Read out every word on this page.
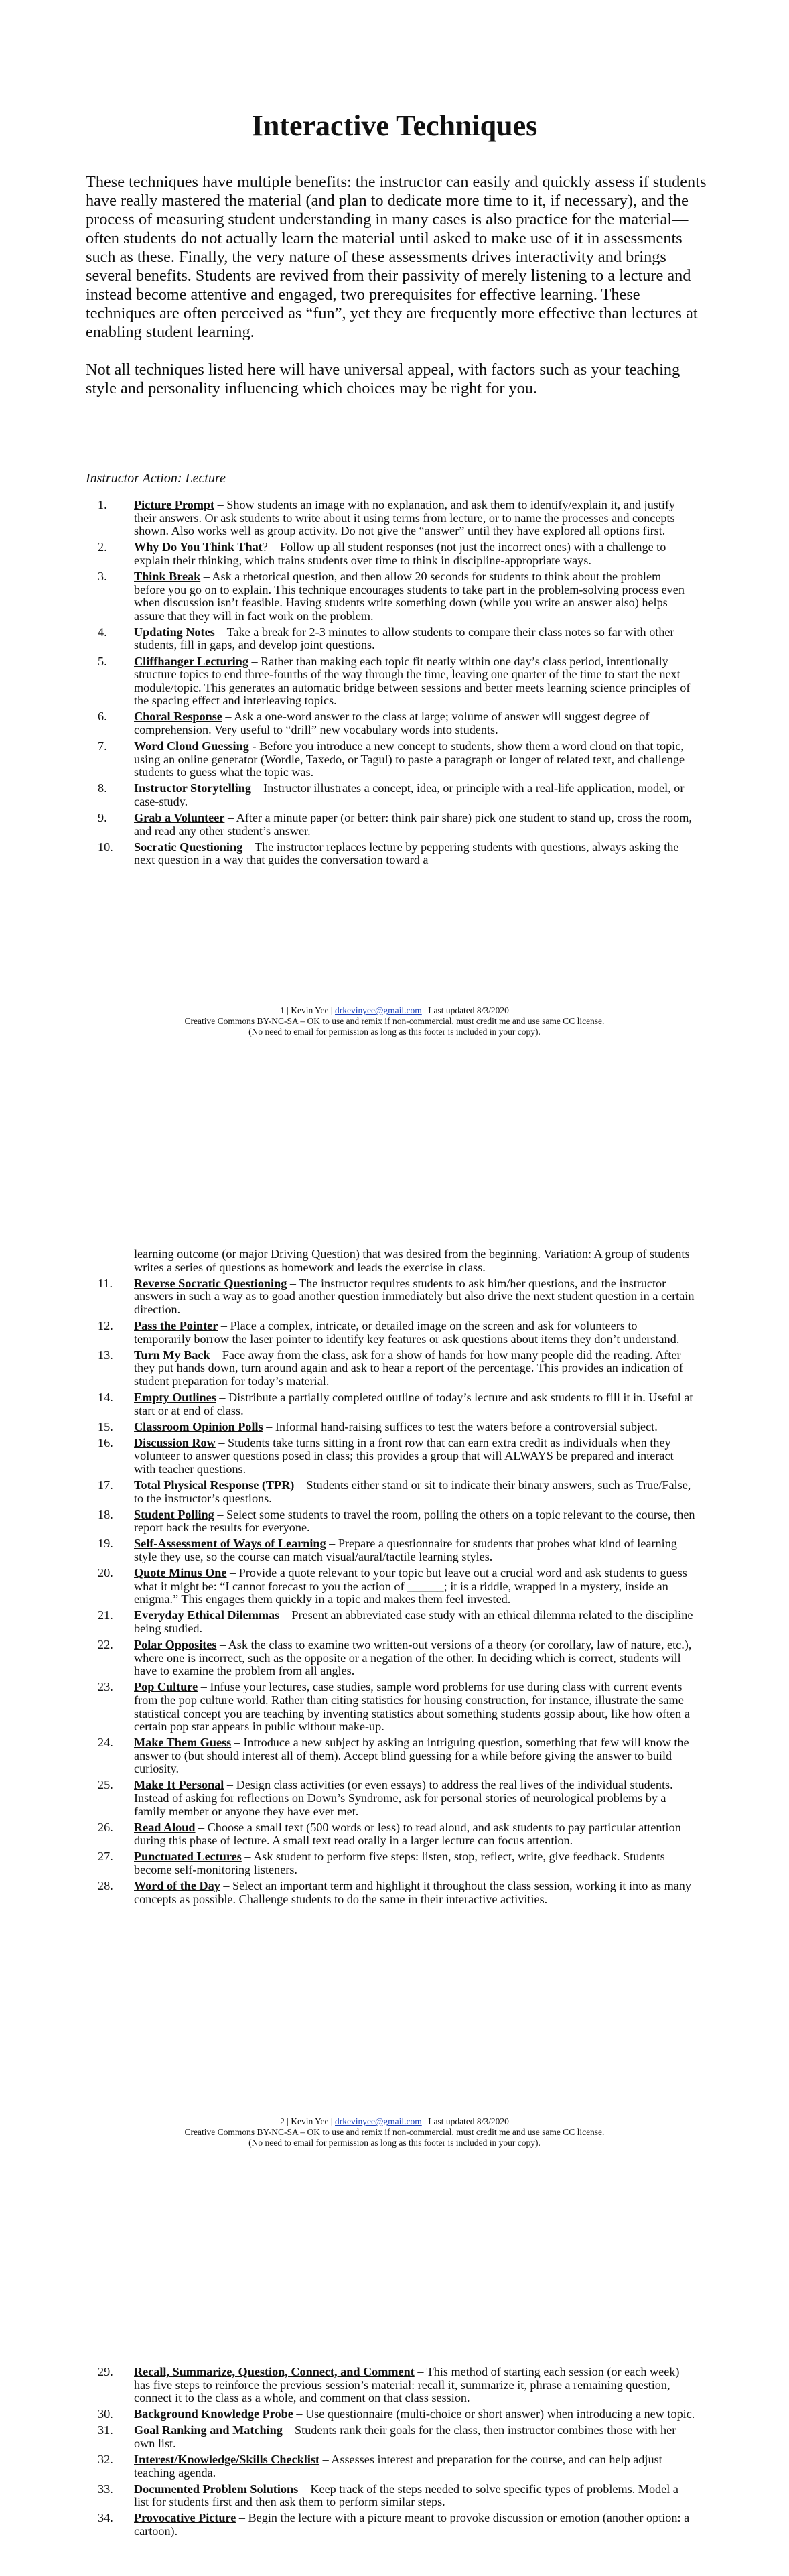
Interactive Techniques

These techniques have multiple benefits: the instructor can easily and quickly assess if students have really mastered the material (and plan to dedicate more time to it, if necessary), and the process of measuring student understanding in many cases is also practice for the material—often students do not actually learn the material until asked to make use of it in assessments such as these. Finally, the very nature of these assessments drives interactivity and brings several benefits. Students are revived from their passivity of merely listening to a lecture and instead become attentive and engaged, two prerequisites for effective learning. These techniques are often perceived as “fun”, yet they are frequently more effective than lectures at enabling student learning.

Not all techniques listed here will have universal appeal, with factors such as your teaching style and personality influencing which choices may be right for you.

Instructor Action: Lecture
1.	Picture Prompt – Show students an image with no explanation, and ask them to identify/explain it, and justify their answers. Or ask students to write about it using terms from lecture, or to name the processes and concepts shown. Also works well as group activity. Do not give the “answer” until they have explored all options first.
2.	Why Do You Think That? – Follow up all student responses (not just the incorrect ones) with a challenge to explain their thinking, which trains students over time to think in discipline-appropriate ways.
3.	Think Break – Ask a rhetorical question, and then allow 20 seconds for students to think about the problem before you go on to explain. This technique encourages students to take part in the problem-solving process even when discussion isn’t feasible. Having students write something down (while you write an answer also) helps assure that they will in fact work on the problem.
4.	Updating Notes – Take a break for 2-3 minutes to allow students to compare their class notes so far with other students, fill in gaps, and develop joint questions.
5.	Cliffhanger Lecturing – Rather than making each topic fit neatly within one day’s class period, intentionally structure topics to end three-fourths of the way through the time, leaving one quarter of the time to start the next module/topic. This generates an automatic bridge between sessions and better meets learning science principles of the spacing effect and interleaving topics.
6.	Choral Response – Ask a one-word answer to the class at large; volume of answer will suggest degree of comprehension. Very useful to “drill” new vocabulary words into students.
7.	Word Cloud Guessing - Before you introduce a new concept to students, show them a word cloud on that topic, using an online generator (Wordle, Taxedo, or Tagul) to paste a paragraph or longer of related text, and challenge students to guess what the topic was.
8.	Instructor Storytelling – Instructor illustrates a concept, idea, or principle with a real-life application, model, or case-study.
9.	Grab a Volunteer – After a minute paper (or better: think pair share) pick one student to stand up, cross the room, and read any other student’s answer.
10.	Socratic Questioning – The instructor replaces lecture by peppering students with questions, always asking the next question in a way that guides the conversation toward a
1 | Kevin Yee | drkevinyee@gmail.com | Last updated 8/3/2020
Creative Commons BY-NC-SA – OK to use and remix if non-commercial, must credit me and use same CC license.
(No need to email for permission as long as this footer is included in your copy).
learning outcome (or major Driving Question) that was desired from the beginning. Variation: A group of students writes a series of questions as homework and leads the exercise in class.
11.	Reverse Socratic Questioning – The instructor requires students to ask him/her questions, and the instructor answers in such a way as to goad another question immediately but also drive the next student question in a certain direction.
12.	Pass the Pointer – Place a complex, intricate, or detailed image on the screen and ask for volunteers to temporarily borrow the laser pointer to identify key features or ask questions about items they don’t understand.
13.	Turn My Back – Face away from the class, ask for a show of hands for how many people did the reading. After they put hands down, turn around again and ask to hear a report of the percentage. This provides an indication of student preparation for today’s material.
14.	Empty Outlines – Distribute a partially completed outline of today’s lecture and ask students to fill it in. Useful at start or at end of class.
15.	Classroom Opinion Polls – Informal hand-raising suffices to test the waters before a controversial subject.
16.	Discussion Row – Students take turns sitting in a front row that can earn extra credit as individuals when they volunteer to answer questions posed in class; this provides a group that will ALWAYS be prepared and interact with teacher questions.
17.	Total Physical Response (TPR) – Students either stand or sit to indicate their binary answers, such as True/False, to the instructor’s questions.
18.	Student Polling – Select some students to travel the room, polling the others on a topic relevant to the course, then report back the results for everyone.
19.	Self-Assessment of Ways of Learning – Prepare a questionnaire for students that probes what kind of learning style they use, so the course can match visual/aural/tactile learning styles.
20.	Quote Minus One – Provide a quote relevant to your topic but leave out a crucial word and ask students to guess what it might be: “I cannot forecast to you the action of ______; it is a riddle, wrapped in a mystery, inside an enigma.” This engages them quickly in a topic and makes them feel invested.
21.	Everyday Ethical Dilemmas – Present an abbreviated case study with an ethical dilemma related to the discipline being studied.
22.	Polar Opposites – Ask the class to examine two written-out versions of a theory (or corollary, law of nature, etc.), where one is incorrect, such as the opposite or a negation of the other. In deciding which is correct, students will have to examine the problem from all angles.
23.	Pop Culture – Infuse your lectures, case studies, sample word problems for use during class with current events from the pop culture world. Rather than citing statistics for housing construction, for instance, illustrate the same statistical concept you are teaching by inventing statistics about something students gossip about, like how often a certain pop star appears in public without make-up.
24.	Make Them Guess – Introduce a new subject by asking an intriguing question, something that few will know the answer to (but should interest all of them). Accept blind guessing for a while before giving the answer to build curiosity.
25.	Make It Personal – Design class activities (or even essays) to address the real lives of the individual students. Instead of asking for reflections on Down’s Syndrome, ask for personal stories of neurological problems by a family member or anyone they have ever met.
26.	Read Aloud – Choose a small text (500 words or less) to read aloud, and ask students to pay particular attention during this phase of lecture. A small text read orally in a larger lecture can focus attention.
27.	Punctuated Lectures – Ask student to perform five steps: listen, stop, reflect, write, give feedback. Students become self-monitoring listeners.
28.	Word of the Day – Select an important term and highlight it throughout the class session, working it into as many concepts as possible. Challenge students to do the same in their interactive activities.
2 | Kevin Yee | drkevinyee@gmail.com | Last updated 8/3/2020
Creative Commons BY-NC-SA – OK to use and remix if non-commercial, must credit me and use same CC license.
(No need to email for permission as long as this footer is included in your copy).
29.	Recall, Summarize, Question, Connect, and Comment – This method of starting each session (or each week) has five steps to reinforce the previous session’s material: recall it, summarize it, phrase a remaining question, connect it to the class as a whole, and comment on that class session.
30.	Background Knowledge Probe – Use questionnaire (multi-choice or short answer) when introducing a new topic.
31.	Goal Ranking and Matching – Students rank their goals for the class, then instructor combines those with her own list.
32.	Interest/Knowledge/Skills Checklist – Assesses interest and preparation for the course, and can help adjust teaching agenda.
33.	Documented Problem Solutions – Keep track of the steps needed to solve specific types of problems. Model a list for students first and then ask them to perform similar steps.
34.	Provocative Picture – Begin the lecture with a picture meant to provoke discussion or emotion (another option: a cartoon).
